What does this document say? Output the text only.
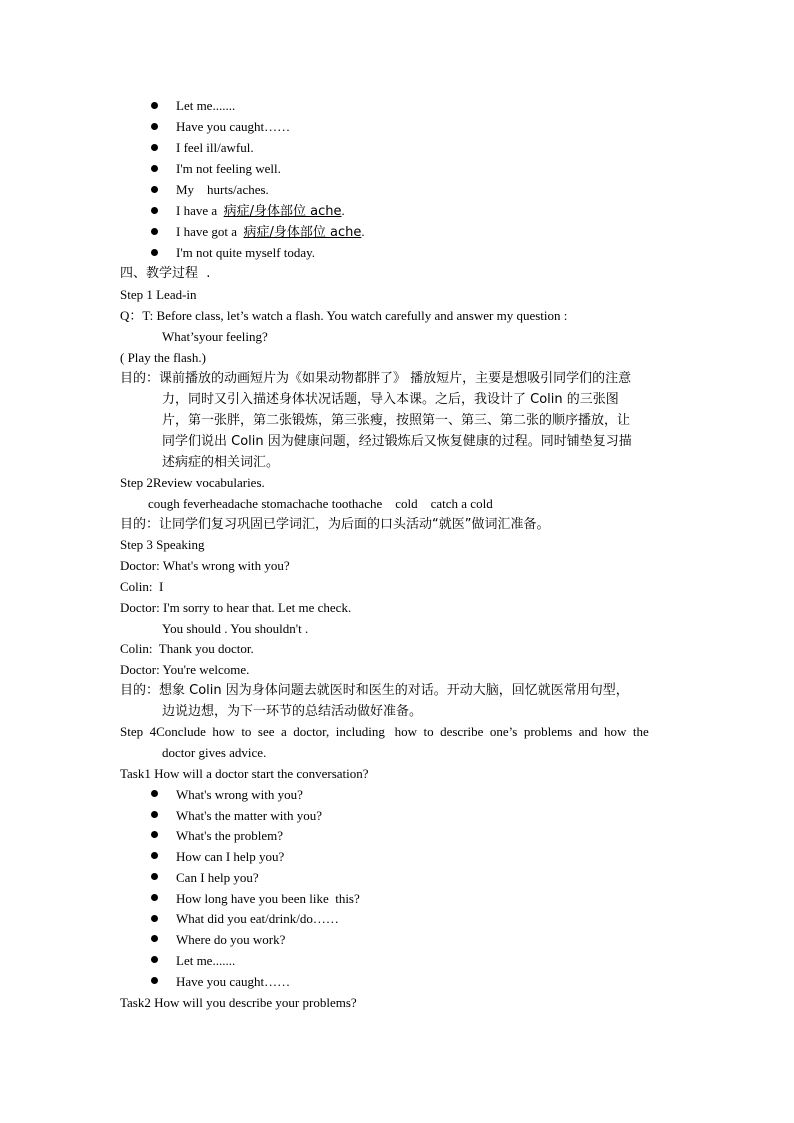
Let me.......
Have you caught……
I feel ill/awful.
I'm not feeling well.
My    hurts/aches.
I have a  病症/身体部位 ache.
I have got a  病症/身体部位 ache.
I'm not quite myself today.
四、教学过程  .
Step 1 Lead-in
Q：T: Before class, let’s watch a flash. You watch carefully and answer my question :
What’syour feeling?
( Play the flash.)
目的：课前播放的动画短片为《如果动物都胖了》 播放短片，主要是想吸引同学们的注意
力，同时又引入描述身体状况话题，导入本课。之后，我设计了 Colin 的三张图
片，第一张胖，第二张锻炼，第三张瘦，按照第一、第三、第二张的顺序播放，让
同学们说出 Colin 因为健康问题，经过锻炼后又恢复健康的过程。同时铺垫复习描
述病症的相关词汇。
Step 2Review vocabularies.
cough feverheadache stomachache toothache    cold    catch a cold
目的：让同学们复习巩固已学词汇，为后面的口头活动“就医”做词汇准备。
Step 3 Speaking
Doctor: What's wrong with you?
Colin:  I
Doctor: I'm sorry to hear that. Let me check.
You should . You shouldn't .
Colin:  Thank you doctor.
Doctor: You're welcome.
目的：想象 Colin 因为身体问题去就医时和医生的对话。开动大脑，回忆就医常用句型，
边说边想，为下一环节的总结活动做好准备。
Step  4Conclude  how  to  see  a  doctor,  including   how  to  describe  one’s  problems  and  how  the
doctor gives advice.
Task1 How will a doctor start the conversation?
What's wrong with you?
What's the matter with you?
What's the problem?
How can I help you?
Can I help you?
How long have you been like  this?
What did you eat/drink/do……
Where do you work?
Let me.......
Have you caught……
Task2 How will you describe your problems?
